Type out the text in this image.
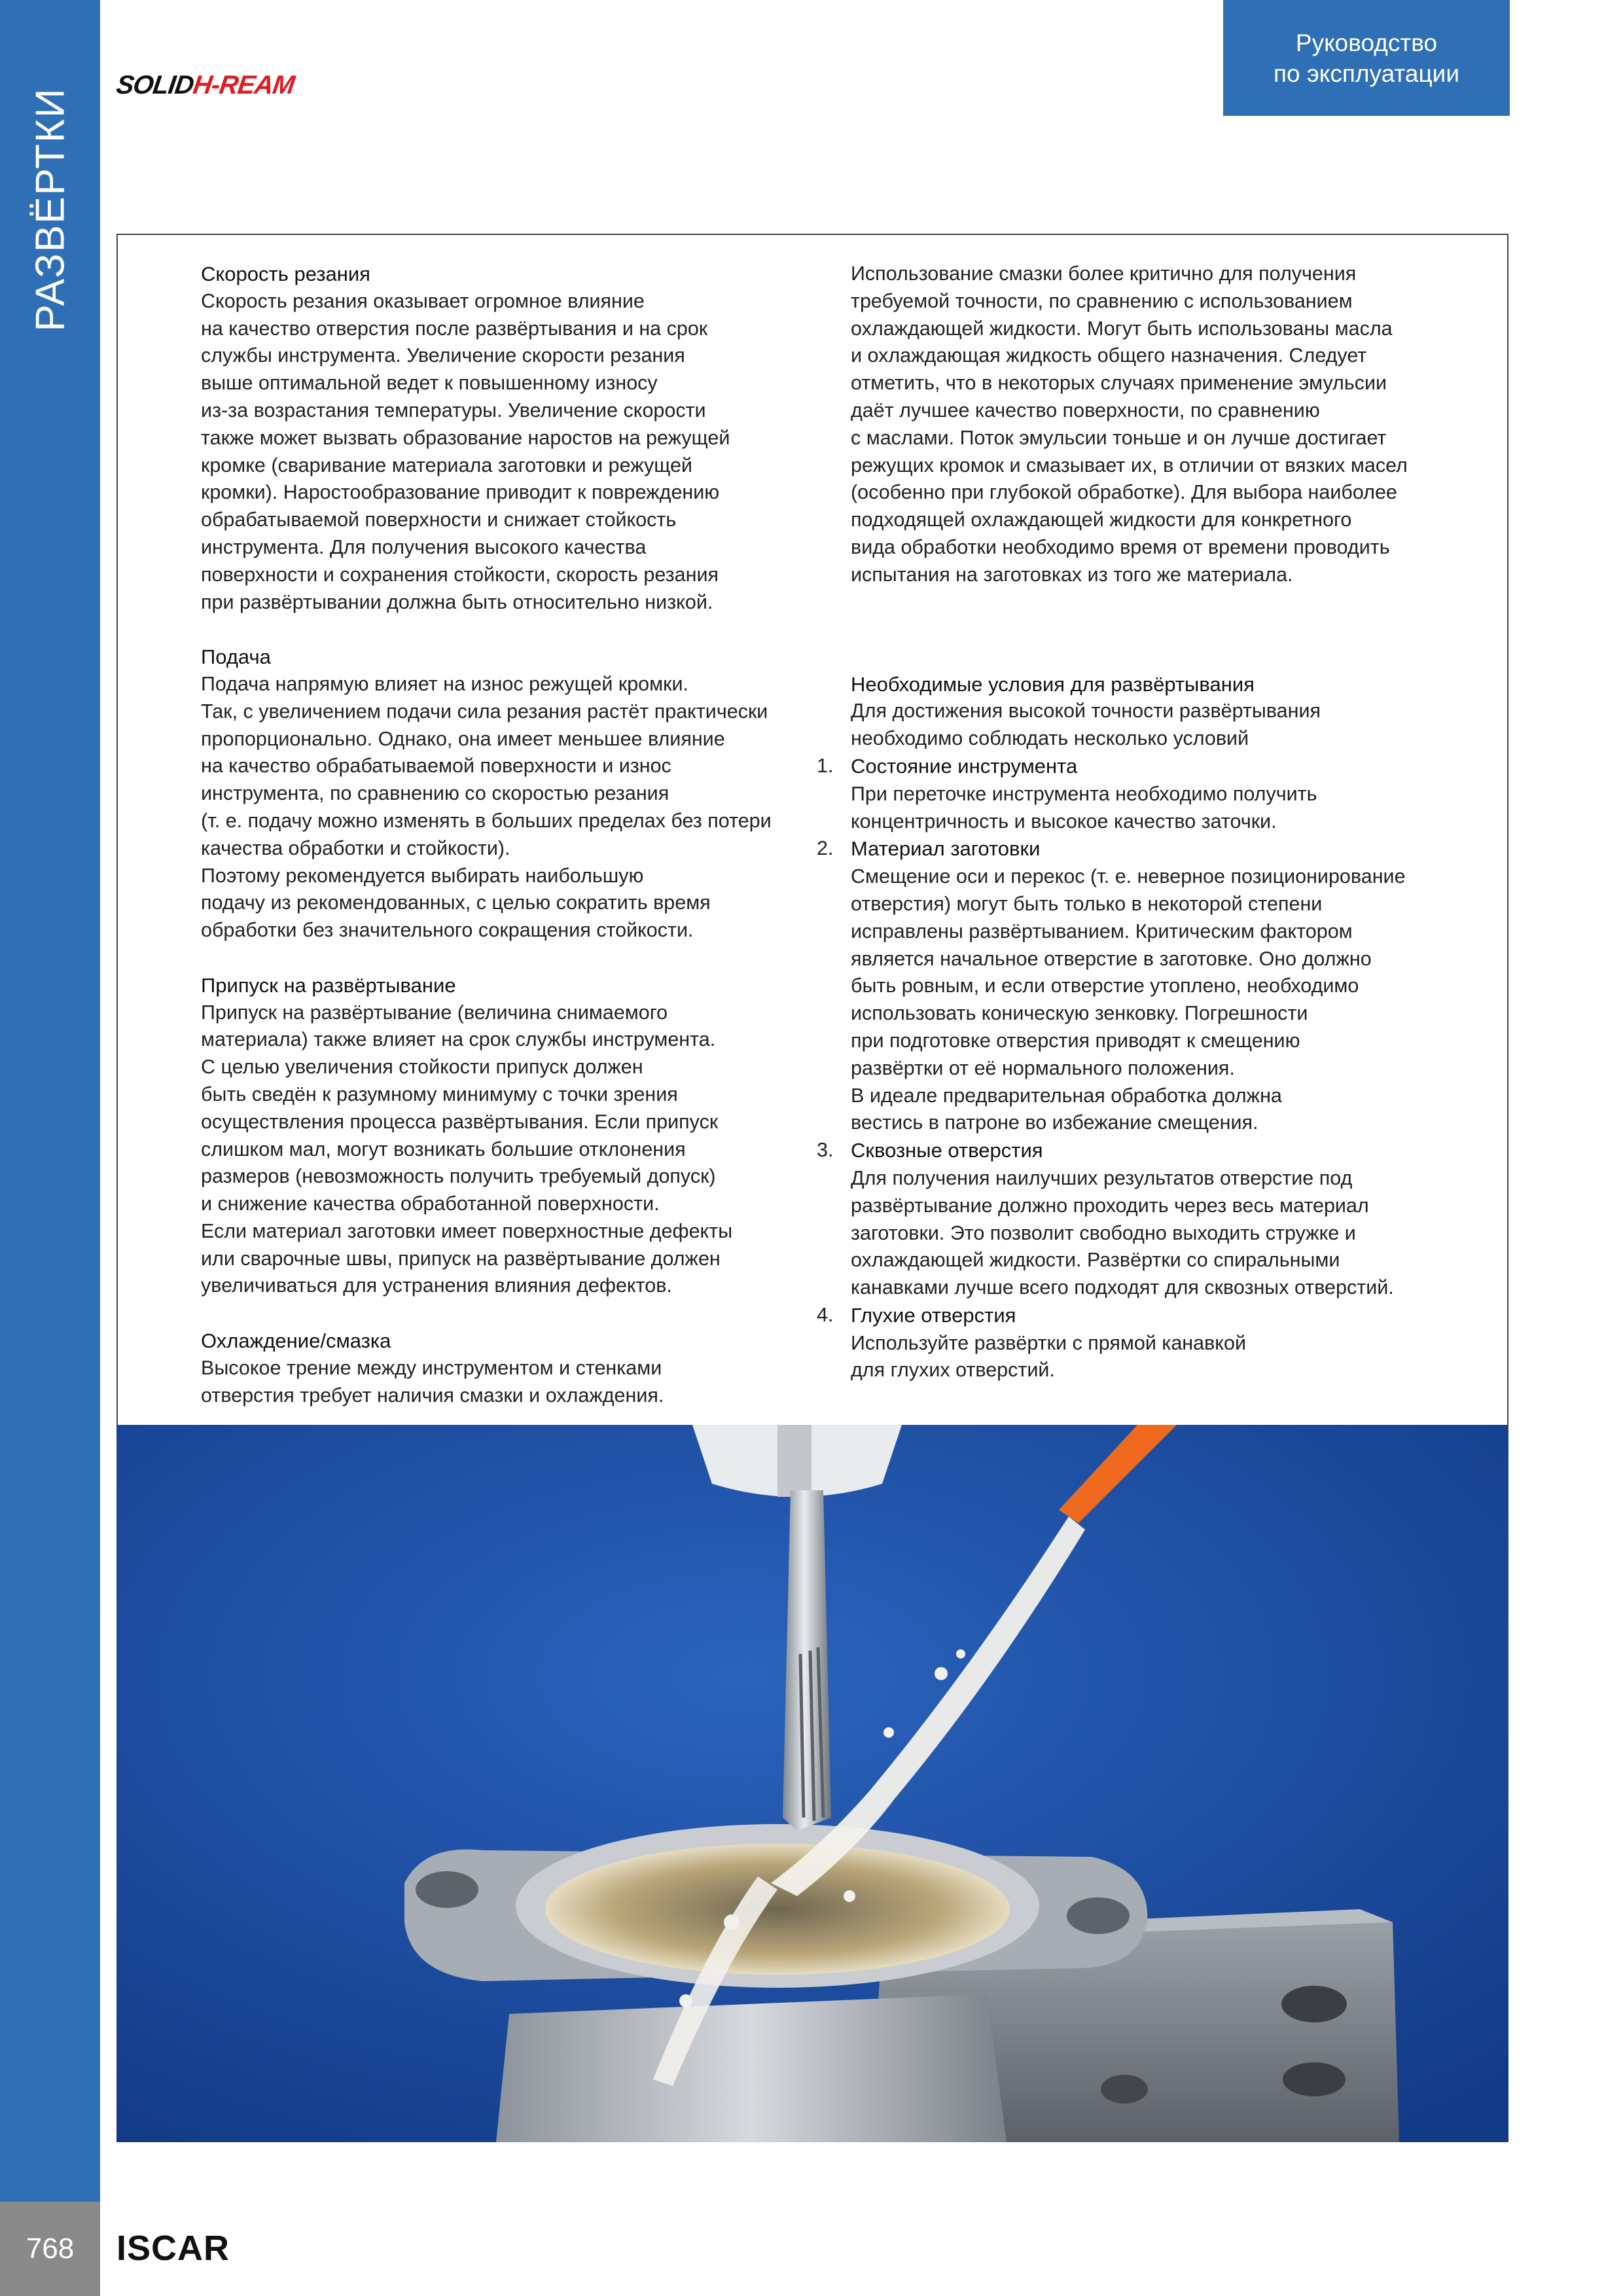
РАЗВЁРТКИ
768
SOLIDH-REAM
Руководство
по эксплуатации

Скорость резания

Скорость резания оказывает огромное влияние

на качество отверстия после развёртывания и на срок

службы инструмента. Увеличение скорости резания

выше оптимальной ведет к повышенному износу

из-за возрастания температуры. Увеличение скорости

также может вызвать образование наростов на режущей

кромке (сваривание материала заготовки и режущей

кромки). Наростообразование приводит к повреждению

обрабатываемой поверхности и снижает стойкость

инструмента. Для получения высокого качества

поверхности и сохранения стойкости, скорость резания

при развёртывании должна быть относительно низкой.

Подача

Подача напрямую влияет на износ режущей кромки.

Так, с увеличением подачи сила резания растёт практически

пропорционально. Однако, она имеет меньшее влияние

на качество обрабатываемой поверхности и износ

инструмента, по сравнению со скоростью резания

(т. е. подачу можно изменять в больших пределах без потери

качества обработки и стойкости).

Поэтому рекомендуется выбирать наибольшую

подачу из рекомендованных, с целью сократить время

обработки без значительного сокращения стойкости.

Припуск на развёртывание

Припуск на развёртывание (величина снимаемого

материала) также влияет на срок службы инструмента.

С целью увеличения стойкости припуск должен

быть сведён к разумному минимуму с точки зрения

осуществления процесса развёртывания. Если припуск

слишком мал, могут возникать большие отклонения

размеров (невозможность получить требуемый допуск)

и снижение качества обработанной поверхности.

Если материал заготовки имеет поверхностные дефекты

или сварочные швы, припуск на развёртывание должен

увеличиваться для устранения влияния дефектов.

Охлаждение/смазка

Высокое трение между инструментом и стенками

отверстия требует наличия смазки и охлаждения.

Использование смазки более критично для получения

требуемой точности, по сравнению с использованием

охлаждающей жидкости. Могут быть использованы масла

и охлаждающая жидкость общего назначения. Следует

отметить, что в некоторых случаях применение эмульсии

даёт лучшее качество поверхности, по сравнению

с маслами. Поток эмульсии тоньше и он лучше достигает

режущих кромок и смазывает их, в отличии от вязких масел

(особенно при глубокой обработке). Для выбора наиболее

подходящей охлаждающей жидкости для конкретного

вида обработки необходимо время от времени проводить

испытания на заготовках из того же материала.

Необходимые условия для развёртывания

Для достижения высокой точности развёртывания

необходимо соблюдать несколько условий

1. Состояние инструмента

При переточке инструмента необходимо получить

концентричность и высокое качество заточки.

2. Материал заготовки

Смещение оси и перекос (т. е. неверное позиционирование

отверстия) могут быть только в некоторой степени

исправлены развёртыванием. Критическим фактором

является начальное отверстие в заготовке. Оно должно

быть ровным, и если отверстие утоплено, необходимо

использовать коническую зенковку. Погрешности

при подготовке отверстия приводят к смещению

развёртки от её нормального положения.

В идеале предварительная обработка должна

вестись в патроне во избежание смещения.

3. Сквозные отверстия

Для получения наилучших результатов отверстие под

развёртывание должно проходить через весь материал

заготовки. Это позволит свободно выходить стружке и

охлаждающей жидкости. Развёртки со спиральными

канавками лучше всего подходят для сквозных отверстий.

4. Глухие отверстия

Используйте развёртки с прямой канавкой

для глухих отверстий.

ISCAR
